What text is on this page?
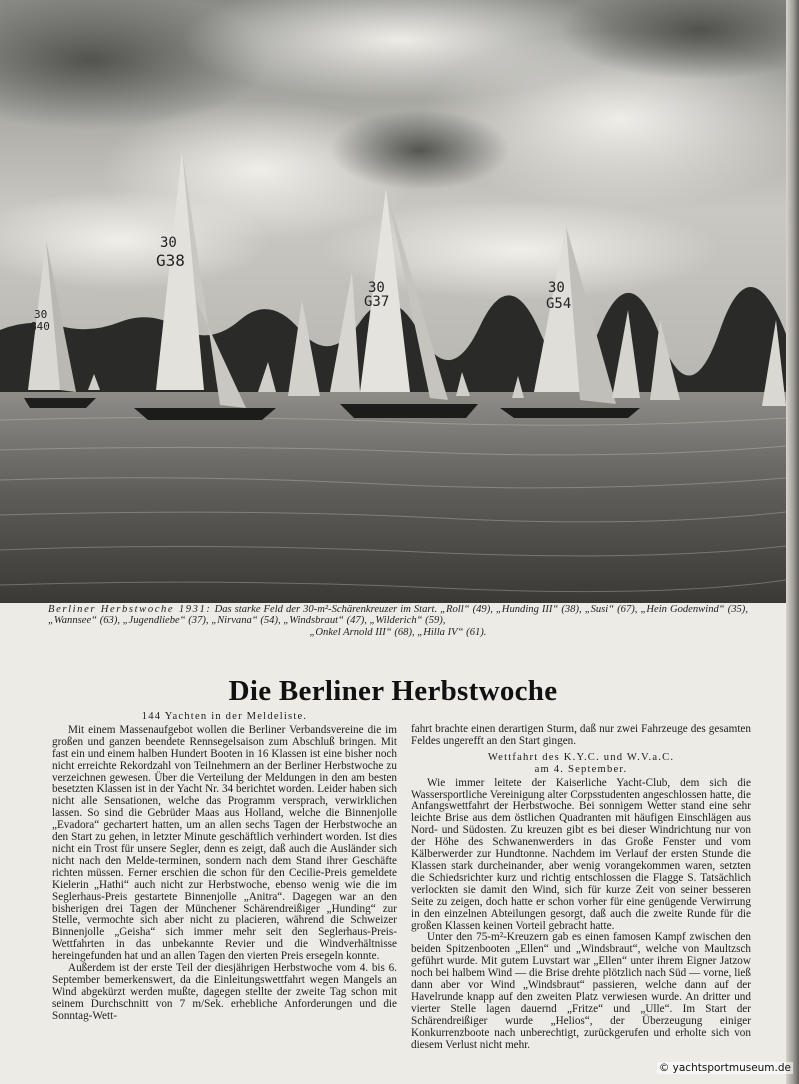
30
G40
30
G38
30
G37
30
G54
Berliner Herbstwoche 1931: Das starke Feld der 30-m²-Schärenkreuzer im Start. „Roll“ (49), „Hunding III“ (38), „Susi“ (67), „Hein Godenwind“ (35), „Wannsee“ (63), „Jugendliebe“ (37), „Nirvana“ (54), „Windsbraut“ (47), „Wilderich“ (59),
„Onkel Arnold III“ (68), „Hilla IV“ (61).
Die Berliner Herbstwoche

144 Yachten in der Meldeliste.

Mit einem Massenaufgebot wollen die Berliner Verbandsvereine die im großen und ganzen beendete Rennsegelsaison zum Abschluß bringen. Mit fast ein und einem halben Hundert Booten in 16 Klassen ist eine bisher noch nicht erreichte Rekordzahl von Teilnehmern an der Berliner Herbstwoche zu verzeichnen gewesen. Über die Verteilung der Meldungen in den am besten besetzten Klassen ist in der Yacht Nr. 34 berichtet worden. Leider haben sich nicht alle Sensationen, welche das Programm versprach, verwirklichen lassen. So sind die Gebrüder Maas aus Holland, welche die Binnenjolle „Evadora“ gechartert hatten, um an allen sechs Tagen der Herbstwoche an den Start zu gehen, in letzter Minute geschäftlich verhindert worden. Ist dies nicht ein Trost für unsere Segler, denn es zeigt, daß auch die Ausländer sich nicht nach den Melde-terminen, sondern nach dem Stand ihrer Geschäfte richten müssen. Ferner erschien die schon für den Cecilie-Preis gemeldete Kielerin „Hathi“ auch nicht zur Herbstwoche, ebenso wenig wie die im Seglerhaus-Preis gestartete Binnenjolle „Anitra“. Dagegen war an den bisherigen drei Tagen der Münchener Schärendreißiger „Hunding“ zur Stelle, vermochte sich aber nicht zu placieren, während die Schweizer Binnenjolle „Geisha“ sich immer mehr seit den Seglerhaus-Preis-Wettfahrten in das unbekannte Revier und die Windverhältnisse hereingefunden hat und an allen Tagen den vierten Preis ersegeln konnte.

Außerdem ist der erste Teil der diesjährigen Herbstwoche vom 4. bis 6. September bemerkenswert, da die Einleitungswettfahrt wegen Mangels an Wind abgekürzt werden mußte, dagegen stellte der zweite Tag schon mit seinem Durchschnitt von 7 m/Sek. erhebliche Anforderungen und die Sonntag-Wett-

fahrt brachte einen derartigen Sturm, daß nur zwei Fahrzeuge des gesamten Feldes ungerefft an den Start gingen.

Wettfahrt des K.Y.C. und W.V.a.C.

am 4. September.

Wie immer leitete der Kaiserliche Yacht-Club, dem sich die Wassersportliche Vereinigung alter Corpsstudenten angeschlossen hatte, die Anfangswettfahrt der Herbstwoche. Bei sonnigem Wetter stand eine sehr leichte Brise aus dem östlichen Quadranten mit häufigen Einschlägen aus Nord- und Südosten. Zu kreuzen gibt es bei dieser Windrichtung nur von der Höhe des Schwanenwerders in das Große Fenster und vom Kälberwerder zur Hundtonne. Nachdem im Verlauf der ersten Stunde die Klassen stark durcheinander, aber wenig vorangekommen waren, setzten die Schiedsrichter kurz und richtig entschlossen die Flagge S. Tatsächlich verlockten sie damit den Wind, sich für kurze Zeit von seiner besseren Seite zu zeigen, doch hatte er schon vorher für eine genügende Verwirrung in den einzelnen Abteilungen gesorgt, daß auch die zweite Runde für die großen Klassen keinen Vorteil gebracht hatte.

Unter den 75-m²-Kreuzern gab es einen famosen Kampf zwischen den beiden Spitzenbooten „Ellen“ und „Windsbraut“, welche von Maultzsch geführt wurde. Mit gutem Luvstart war „Ellen“ unter ihrem Eigner Jatzow noch bei halbem Wind — die Brise drehte plötzlich nach Süd — vorne, ließ dann aber vor Wind „Windsbraut“ passieren, welche dann auf der Havelrunde knapp auf den zweiten Platz verwiesen wurde. An dritter und vierter Stelle lagen dauernd „Fritze“ und „Ulle“. Im Start der Schärendreißiger wurde „Helios“, der Überzeugung einiger Konkurrenzboote nach unberechtigt, zurückgerufen und erholte sich von diesem Verlust nicht mehr.

© yachtsportmuseum.de
